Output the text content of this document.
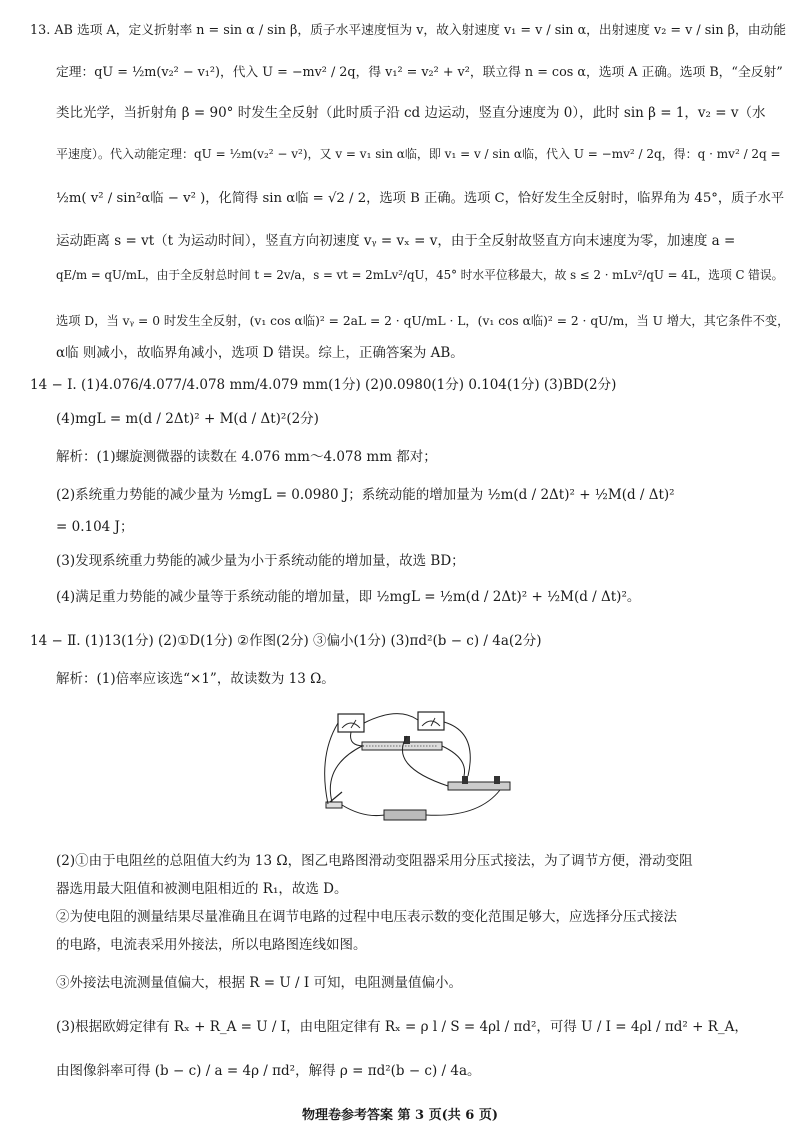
13. AB 选项 A，定义折射率 n = sin α / sin β，质子水平速度恒为 v，故入射速度 v₁ = v / sin α，出射速度 v₂ = v / sin β，由动能
定理：qU = ½m(v₂² − v₁²)，代入 U = −mv² / 2q，得 v₁² = v₂² + v²，联立得 n = cos α，选项 A 正确。选项 B，“全反射”
类比光学，当折射角 β = 90° 时发生全反射（此时质子沿 cd 边运动，竖直分速度为 0），此时 sin β = 1，v₂ = v（水
平速度）。代入动能定理：qU = ½m(v₂² − v²)，又 v = v₁ sin α临，即 v₁ = v / sin α临，代入 U = −mv² / 2q，得：q · mv² / 2q =
½m( v² / sin²α临 − v² )，化简得 sin α临 = √2 / 2，选项 B 正确。选项 C，恰好发生全反射时，临界角为 45°，质子水平
运动距离 s = vt（t 为运动时间），竖直方向初速度 vᵧ = vₓ = v，由于全反射故竖直方向末速度为零，加速度 a =
qE/m = qU/mL，由于全反射总时间 t = 2v/a，s = vt = 2mLv²/qU，45° 时水平位移最大，故 s ≤ 2 · mLv²/qU = 4L，选项 C 错误。
选项 D，当 vᵧ = 0 时发生全反射，(v₁ cos α临)² = 2aL = 2 · qU/mL · L，(v₁ cos α临)² = 2 · qU/m，当 U 增大，其它条件不变，
α临 则减小，故临界角减小，选项 D 错误。综上，正确答案为 AB。
14 − Ⅰ. (1)4.076/4.077/4.078 mm/4.079 mm(1分) (2)0.0980(1分) 0.104(1分) (3)BD(2分)
(4)mgL = m(d / 2Δt)² + M(d / Δt)²(2分)
解析：(1)螺旋测微器的读数在 4.076 mm～4.078 mm 都对；
(2)系统重力势能的减少量为 ½mgL = 0.0980 J；系统动能的增加量为 ½m(d / 2Δt)² + ½M(d / Δt)²
= 0.104 J；
(3)发现系统重力势能的减少量为小于系统动能的增加量，故选 BD；
(4)满足重力势能的减少量等于系统动能的增加量，即 ½mgL = ½m(d / 2Δt)² + ½M(d / Δt)²。
14 − Ⅱ. (1)13(1分) (2)①D(1分) ②作图(2分) ③偏小(1分) (3)πd²(b − c) / 4a(2分)
解析：(1)倍率应该选“×1”，故读数为 13 Ω。
(2)①由于电阻丝的总阻值大约为 13 Ω，图乙电路图滑动变阻器采用分压式接法，为了调节方便，滑动变阻
器选用最大阻值和被测电阻相近的 R₁，故选 D。
②为使电阻的测量结果尽量准确且在调节电路的过程中电压表示数的变化范围足够大，应选择分压式接法
的电路，电流表采用外接法，所以电路图连线如图。
③外接法电流测量值偏大，根据 R = U / I 可知，电阻测量值偏小。
(3)根据欧姆定律有 Rₓ + R_A = U / I，由电阻定律有 Rₓ = ρ l / S = 4ρl / πd²，可得 U / I = 4ρl / πd² + R_A，
由图像斜率可得 (b − c) / a = 4ρ / πd²，解得 ρ = πd²(b − c) / 4a。
物理卷参考答案 第 3 页(共 6 页)
